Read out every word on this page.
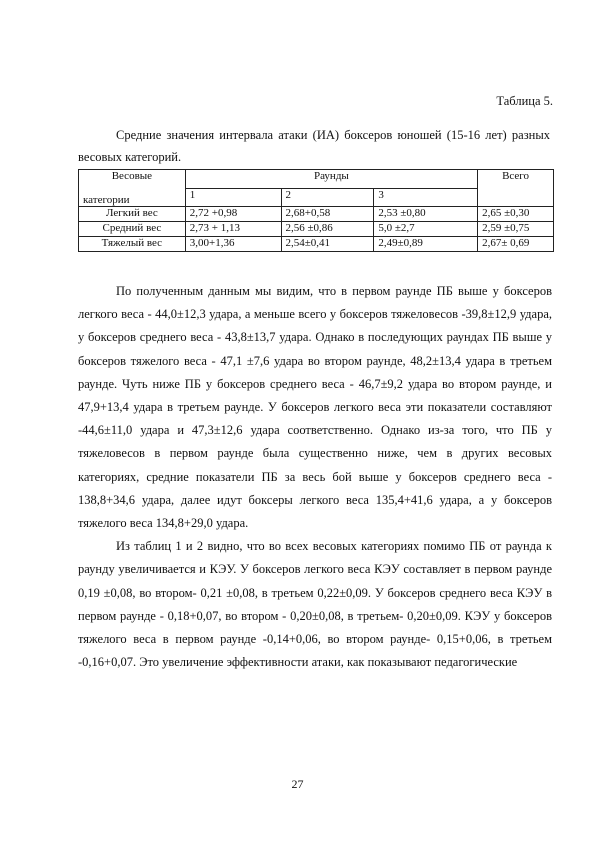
Таблица 5.
Средние значения интервала атаки (ИА) боксеров юношей (15-16 лет) разных весовых категорий.
Весовые
категории	Раунды			Всего
	1	2	3	
Легкий вес	2,72 +0,98	2,68+0,58	2,53 ±0,80	2,65 ±0,30
Средний вес	2,73 + 1,13	2,56 ±0,86	5,0 ±2,7	2,59 ±0,75
Тяжелый вес	3,00+1,36	2,54±0,41	2,49±0,89	2,67± 0,69

По полученным данным мы видим, что в первом раунде ПБ выше у боксеров легкого веса - 44,0±12,3 удара, а меньше всего у боксеров тяжеловесов -39,8±12,9 удара, у боксеров среднего веса - 43,8±13,7 удара. Однако в последующих раундах ПБ выше у боксеров тяжелого веса - 47,1 ±7,6 удара во втором раунде, 48,2±13,4 удара в третьем раунде. Чуть ниже ПБ у боксеров среднего веса - 46,7±9,2 удара во втором раунде, и 47,9+13,4 удара в третьем раунде. У боксеров легкого веса эти показатели составляют -44,6±11,0 удара и 47,3±12,6 удара соответственно. Однако из-за того, что ПБ у тяжеловесов в первом раунде была существенно ниже, чем в других весовых категориях, средние показатели ПБ за весь бой выше у боксеров среднего веса - 138,8+34,6 удара, далее идут боксеры легкого веса 135,4+41,6 удара, а у боксеров тяжелого веса 134,8+29,0 удара.

Из таблиц 1 и 2 видно, что во всех весовых категориях помимо ПБ от раунда к раунду увеличивается и КЭУ. У боксеров легкого веса КЭУ составляет в первом раунде 0,19 ±0,08, во втором- 0,21 ±0,08, в третьем 0,22±0,09. У боксеров среднего веса КЭУ в первом раунде - 0,18+0,07, во втором - 0,20±0,08, в третьем- 0,20±0,09. КЭУ у боксеров тяжелого веса в первом раунде -0,14+0,06, во втором раунде- 0,15+0,06, в третьем -0,16+0,07. Это увеличение эффективности атаки, как показывают педагогические

27
